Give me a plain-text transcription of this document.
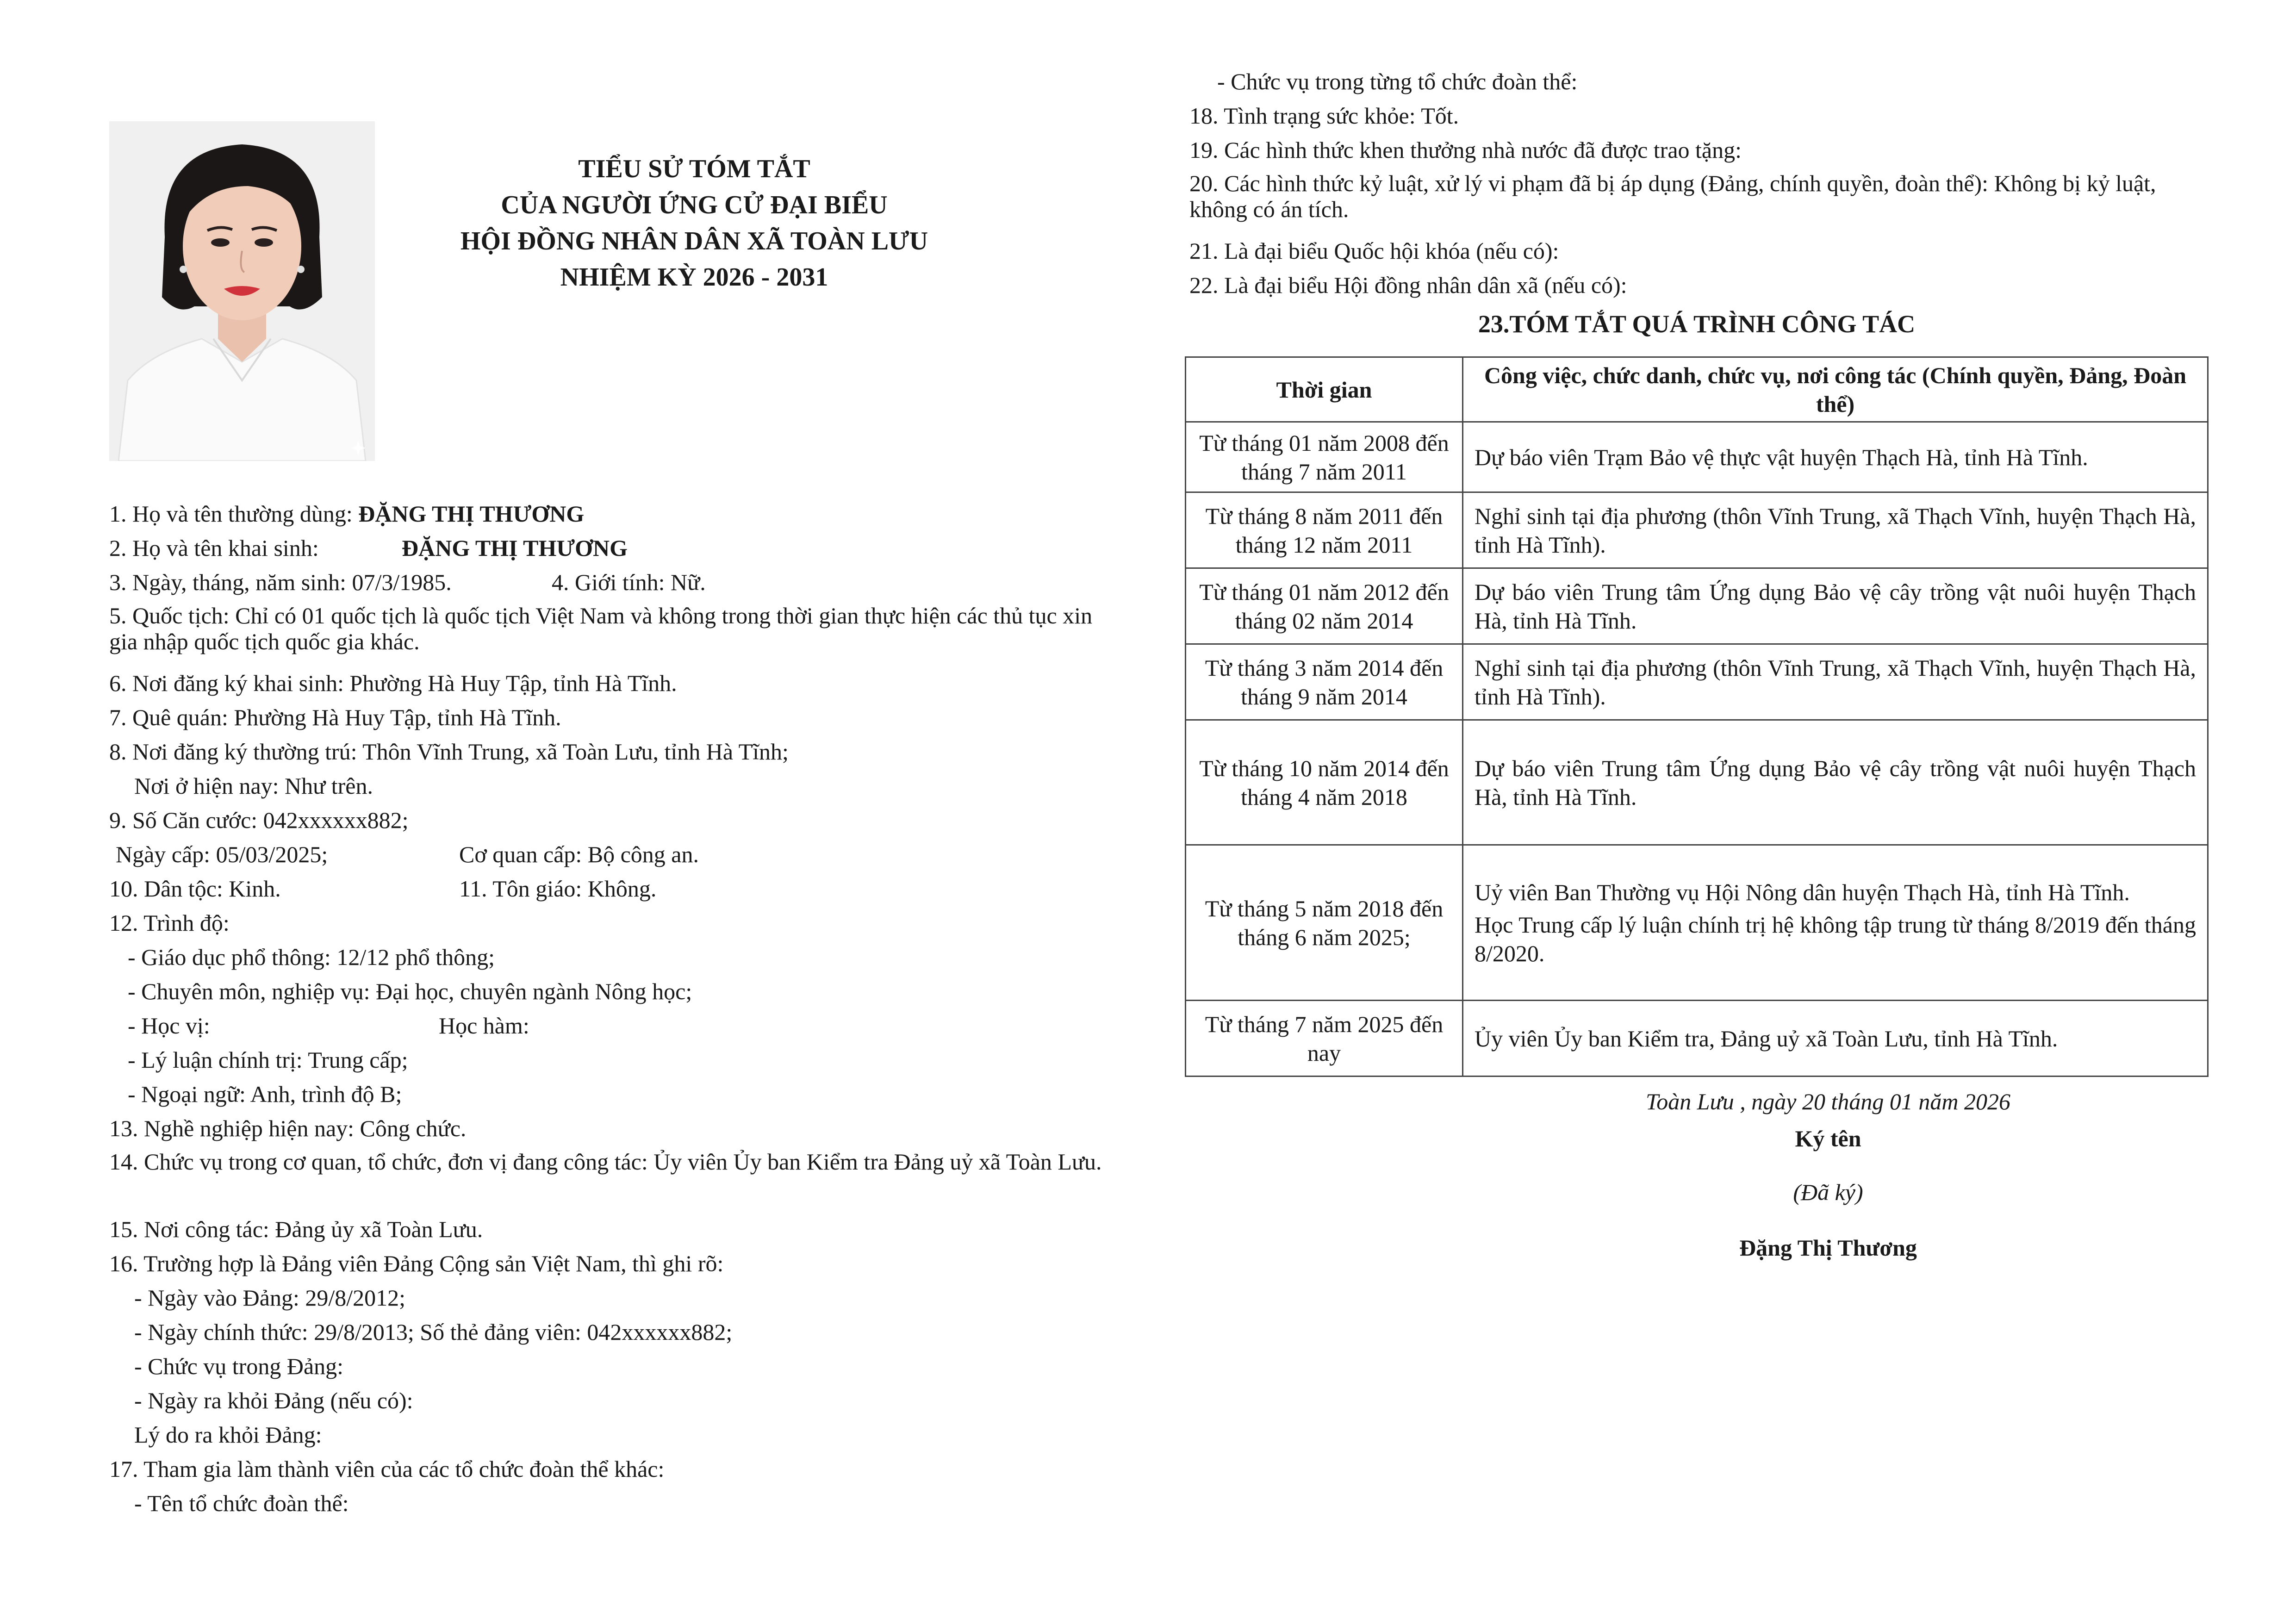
TIỂU SỬ TÓM TẮT
CỦA NGƯỜI ỨNG CỬ ĐẠI BIỂU
HỘI ĐỒNG NHÂN DÂN XÃ TOÀN LƯU
NHIỆM KỲ 2026 - 2031
1. Họ và tên thường dùng: ĐẶNG THỊ THƯƠNG
2. Họ và tên khai sinh:	ĐẶNG THỊ THƯƠNG
3. Ngày, tháng, năm sinh: 07/3/1985.	4. Giới tính: Nữ.
5. Quốc tịch: Chỉ có 01 quốc tịch là quốc tịch Việt Nam và không trong thời gian thực hiện các thủ tục xin gia nhập quốc tịch quốc gia khác.
6. Nơi đăng ký khai sinh: Phường Hà Huy Tập, tỉnh Hà Tĩnh.
7. Quê quán: Phường Hà Huy Tập, tỉnh Hà Tĩnh.
8. Nơi đăng ký thường trú: Thôn Vĩnh Trung, xã Toàn Lưu, tỉnh Hà Tĩnh;
Nơi ở hiện nay: Như trên.
9. Số Căn cước: 042xxxxxx882;
Ngày cấp: 05/03/2025;	Cơ quan cấp: Bộ công an.
10. Dân tộc: Kinh.	11. Tôn giáo: Không.
12. Trình độ:
- Giáo dục phổ thông: 12/12 phổ thông;
- Chuyên môn, nghiệp vụ: Đại học, chuyên ngành Nông học;
- Học vị:	Học hàm:
- Lý luận chính trị: Trung cấp;
- Ngoại ngữ: Anh, trình độ B;
13. Nghề nghiệp hiện nay: Công chức.
14. Chức vụ trong cơ quan, tổ chức, đơn vị đang công tác: Ủy viên Ủy ban Kiểm tra Đảng uỷ xã Toàn Lưu.
15. Nơi công tác: Đảng ủy xã Toàn Lưu.
16. Trường hợp là Đảng viên Đảng Cộng sản Việt Nam, thì ghi rõ:
- Ngày vào Đảng: 29/8/2012;
- Ngày chính thức: 29/8/2013; Số thẻ đảng viên: 042xxxxxx882;
- Chức vụ trong Đảng:
- Ngày ra khỏi Đảng (nếu có):
Lý do ra khỏi Đảng:
17. Tham gia làm thành viên của các tổ chức đoàn thể khác:
- Tên tổ chức đoàn thể:
- Chức vụ trong từng tổ chức đoàn thể:
18. Tình trạng sức khỏe: Tốt.
19. Các hình thức khen thưởng nhà nước đã được trao tặng:
20. Các hình thức kỷ luật, xử lý vi phạm đã bị áp dụng (Đảng, chính quyền, đoàn thể): Không bị kỷ luật, không có án tích.
21. Là đại biểu Quốc hội khóa (nếu có):
22. Là đại biểu Hội đồng nhân dân xã (nếu có):
23.TÓM TẮT QUÁ TRÌNH CÔNG TÁC
Thời gian	Công việc, chức danh, chức vụ, nơi công tác (Chính quyền, Đảng, Đoàn thể)
Từ tháng 01 năm 2008 đến tháng 7 năm 2011	Dự báo viên Trạm Bảo vệ thực vật huyện Thạch Hà, tỉnh Hà Tĩnh.
Từ tháng 8 năm 2011 đến tháng 12 năm 2011	Nghỉ sinh tại địa phương (thôn Vĩnh Trung, xã Thạch Vĩnh, huyện Thạch Hà, tỉnh Hà Tĩnh).
Từ tháng 01 năm 2012 đến tháng 02 năm 2014	Dự báo viên Trung tâm Ứng dụng Bảo vệ cây trồng vật nuôi huyện Thạch Hà, tỉnh Hà Tĩnh.
Từ tháng 3 năm 2014 đến tháng 9 năm 2014	Nghỉ sinh tại địa phương (thôn Vĩnh Trung, xã Thạch Vĩnh, huyện Thạch Hà, tỉnh Hà Tĩnh).
Từ tháng 10 năm 2014 đến tháng 4 năm 2018	Dự báo viên Trung tâm Ứng dụng Bảo vệ cây trồng vật nuôi huyện Thạch Hà, tỉnh Hà Tĩnh.
Từ tháng 5 năm 2018 đến tháng 6 năm 2025;	Uỷ viên Ban Thường vụ Hội Nông dân huyện Thạch Hà, tỉnh Hà Tĩnh.
Học Trung cấp lý luận chính trị hệ không tập trung từ tháng 8/2019 đến tháng 8/2020.

Từ tháng 7 năm 2025 đến nay	Ủy viên Ủy ban Kiểm tra, Đảng uỷ xã Toàn Lưu, tỉnh Hà Tĩnh.
Toàn Lưu , ngày 20 tháng 01 năm 2026
Ký tên
(Đã ký)
Đặng Thị Thương
